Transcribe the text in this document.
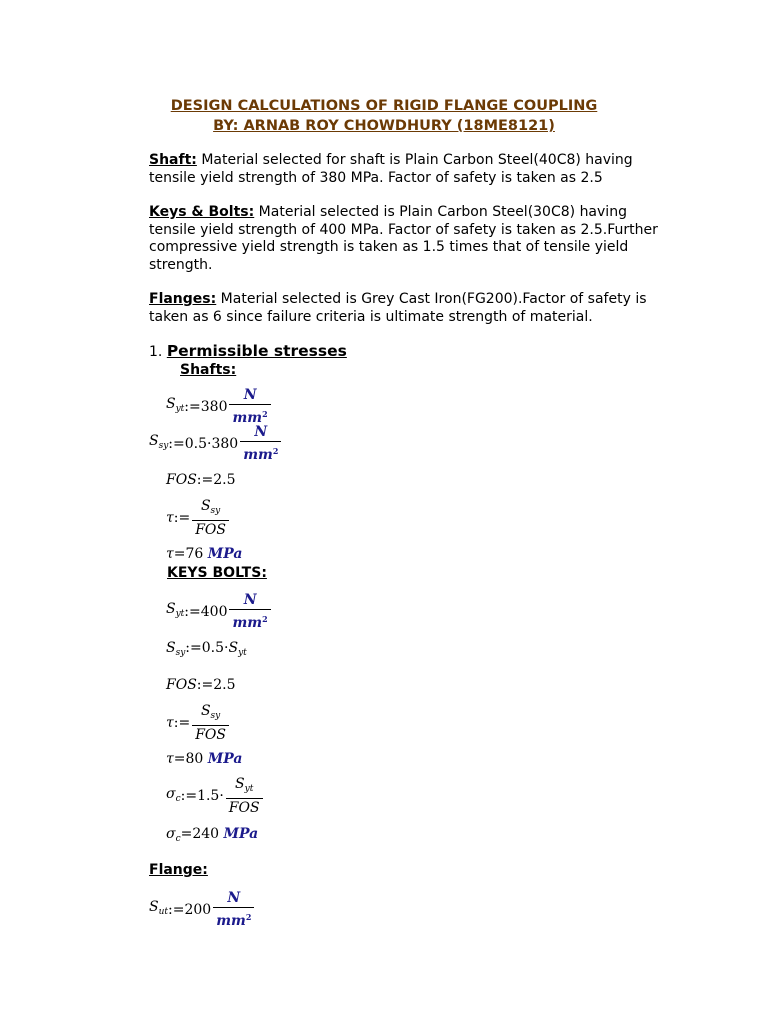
DESIGN CALCULATIONS OF RIGID FLANGE COUPLING
BY: ARNAB ROY CHOWDHURY (18ME8121)
Shaft: Material selected for shaft is Plain Carbon Steel(40C8) having tensile yield strength of 380 MPa. Factor of safety is taken as 2.5
Keys & Bolts: Material selected is Plain Carbon Steel(30C8) having tensile yield strength of 400 MPa. Factor of safety is taken as 2.5.Further compressive yield strength is taken as 1.5 times that of tensile yield strength.
Flanges: Material selected is Grey Cast Iron(FG200).Factor of safety is taken as 6 since failure criteria is ultimate strength of material.
1. Permissible stresses
Shafts:
$S_{yt}$ := $380 \frac{N}{mm^2}$
$S_{sy}$ := $0.5\cdot 380 \frac{N}{mm^2}$
FOS:=2.5
τ := $\frac{S_{sy}}{\text{FOS}}$
τ=76 MPa
KEYS BOLTS:
$S_{yt}$ := $400 \frac{N}{mm^2}$
$S_{sy}:=0.5\cdot S_{yt}$
FOS:=2.5
τ := $\frac{S_{sy}}{\text{FOS}}$
τ=80 MPa
$\sigma_c$ := $1.5\cdot \frac{S_{yt}}{\text{FOS}}$
$\sigma_c=240$ MPa
Flange:
$S_{ut}$ := $200 \frac{N}{mm^2}$
